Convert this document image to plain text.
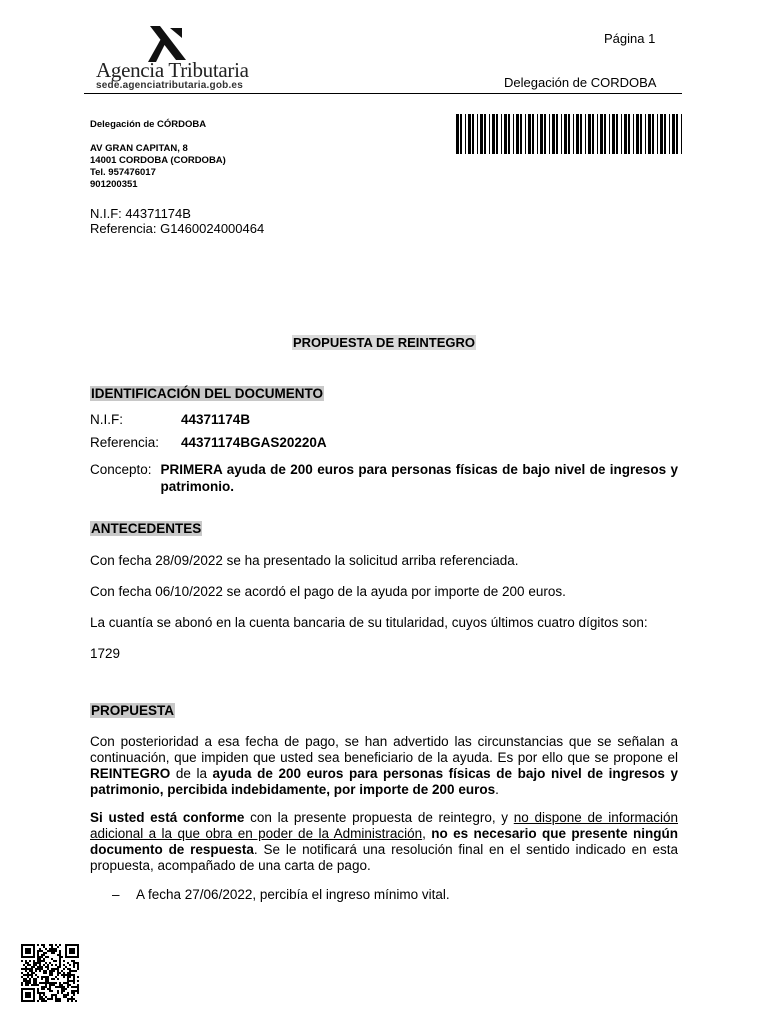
Agencia Tributaria
sede.agenciatributaria.gob.es
Página 1
Delegación de CORDOBA
Delegación de CÓRDOBA
AV GRAN CAPITAN, 8
14001 CORDOBA (CORDOBA)
Tel. 957476017
901200351
N.I.F: 44371174B
Referencia: G1460024000464
PROPUESTA DE REINTEGRO
IDENTIFICACIÓN DEL DOCUMENTO
N.I.F:	44371174B
Referencia: 44371174BGAS20220A
Concepto: PRIMERA ayuda de 200 euros para personas físicas de bajo nivel de ingresos y patrimonio.
ANTECEDENTES
Con fecha 28/09/2022 se ha presentado la solicitud arriba referenciada.
Con fecha 06/10/2022 se acordó el pago de la ayuda por importe de 200 euros.
La cuantía se abonó en la cuenta bancaria de su titularidad, cuyos últimos cuatro dígitos son:
1729
PROPUESTA
Con posterioridad a esa fecha de pago, se han advertido las circunstancias que se señalan a continuación, que impiden que usted sea beneficiario de la ayuda. Es por ello que se propone el REINTEGRO de la ayuda de 200 euros para personas físicas de bajo nivel de ingresos y patrimonio, percibida indebidamente, por importe de 200 euros.
Si usted está conforme con la presente propuesta de reintegro, y no dispone de información adicional a la que obra en poder de la Administración, no es necesario que presente ningún documento de respuesta. Se le notificará una resolución final en el sentido indicado en esta propuesta, acompañado de una carta de pago.
– A fecha 27/06/2022, percibía el ingreso mínimo vital.
